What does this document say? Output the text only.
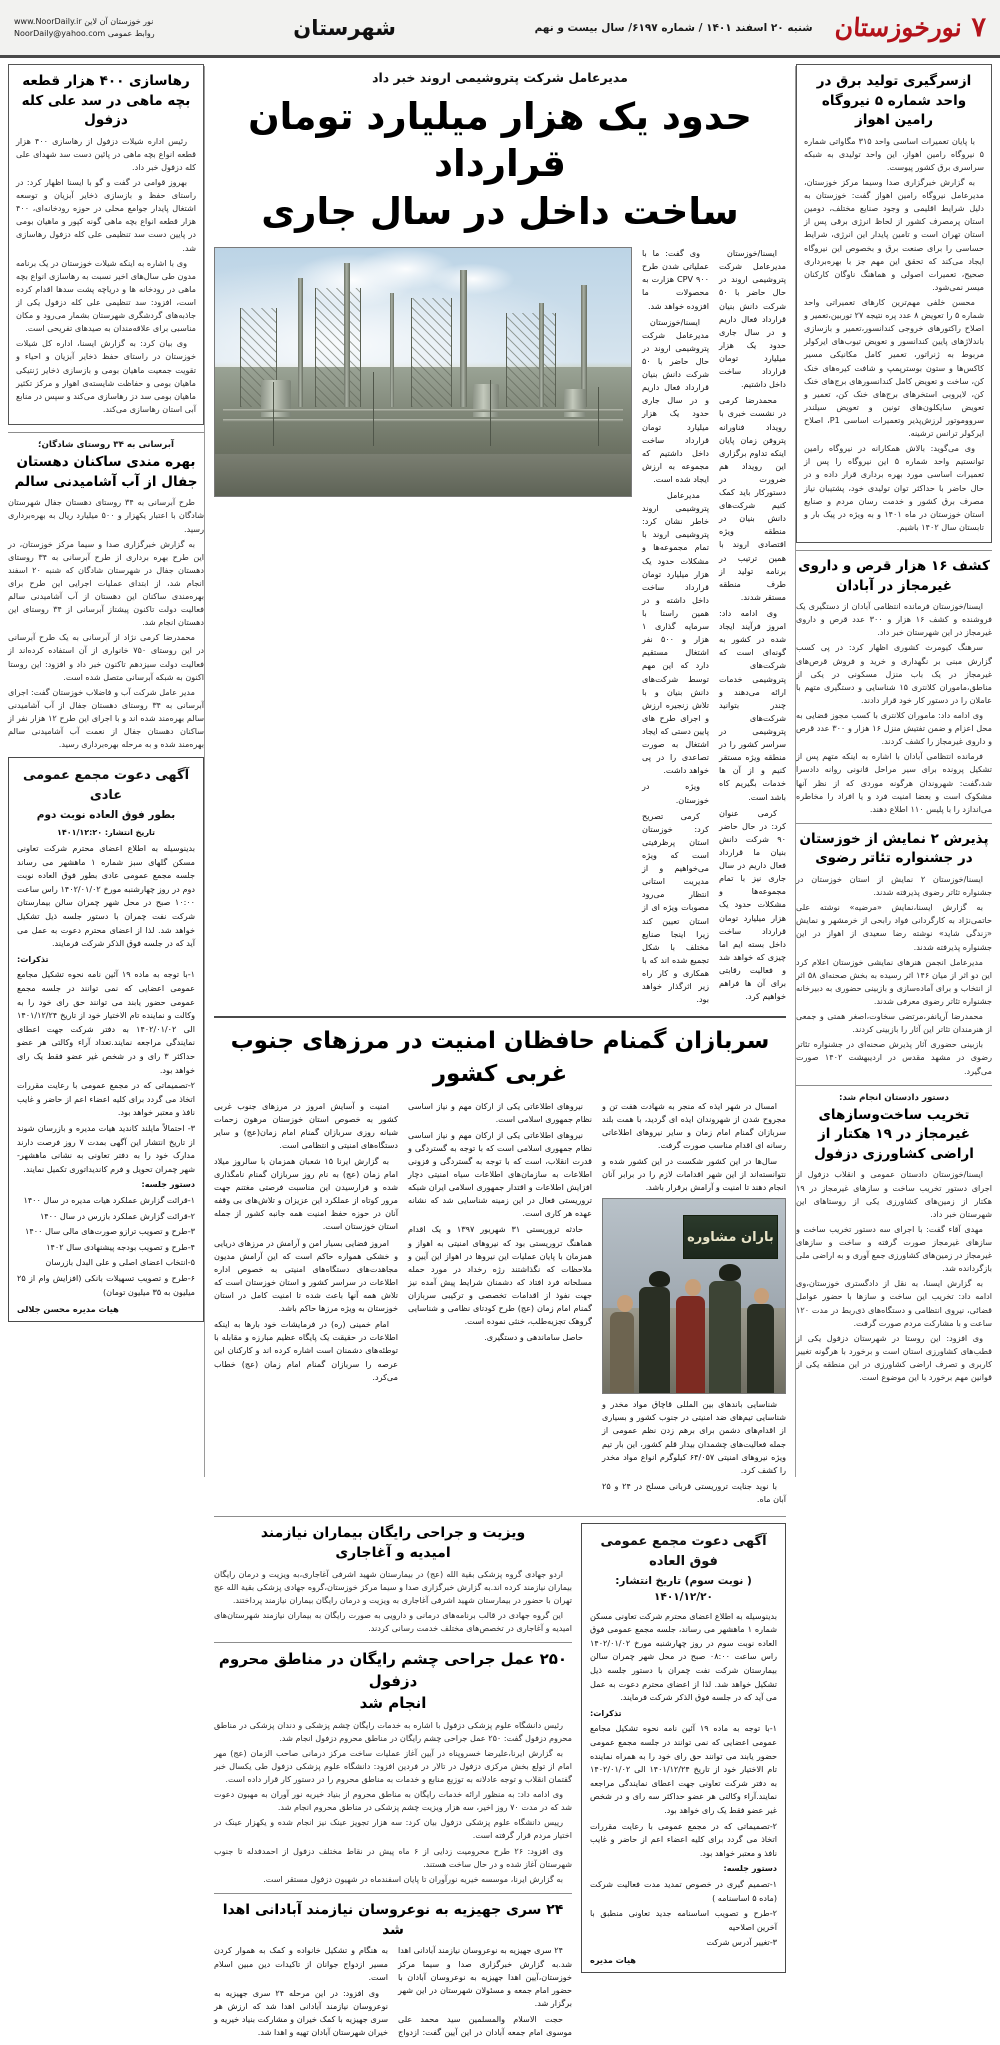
۷
نورخوزستان
شنبه ۲۰ اسفند ۱۴۰۱ / شماره ۶۱۹۷/ سال بیست و نهم
شهرستان
www.NoorDaily.ir نور خوزستان آن لاین
NoorDaily@yahoo.com روابط عمومی
ازسرگیری تولید برق در واحد شماره ۵ نیروگاه رامین اهواز

با پایان تعمیرات اساسی واحد ۳۱۵ مگاواتی شماره ۵ نیروگاه رامین اهواز، این واحد تولیدی به شبکه سراسری برق کشور پیوست.

به گزارش خبرگزاری صدا وسیما مرکز خوزستان، مدیرعامل نیروگاه رامین اهواز گفت: خوزستان به دلیل شرایط اقلیمی و وجود صنایع مختلف، دومین استان پرمصرف کشور از لحاظ انرژی برقی پس از استان تهران است و تامین پایدار این انرژی، شرایط حساسی را برای صنعت برق و بخصوص این نیروگاه ایجاد می‌کند که تحقق این مهم جز با بهره‌برداری صحیح، تعمیرات اصولی و هماهنگ ناوگان کارکنان میسر نمی‌شود.

محسن خلفی مهم‌ترین کارهای تعمیراتی واحد شماره ۵ را تعویض ۸ عدد پره نتیجه ۲۷ توربین،تعمیر و اصلاح راکتورهای خروجی کندانسور،تعمیر و بازسازی باندلاژهای پایین کندانسور و تعویض تیوب‌های ایرکولر مربوط به ژنراتور، تعمیر کامل مکانیکی مسیر کاکس‌ها و ستون بوسترپمپ و شافت کیره‌های خنک کن، ساخت و تعویض کامل کندانسورهای برج‌های خنک کن، لایروبی استخرهای برج‌های خنک کن، تعمیر و تعویض سایکلون‌های تونین و تعویض سیلندر سرووموتور لرزش‌پذیر وتعمیرات اساسی P1، اصلاح ایرکولر ترانس ترشینه.

وی می‌گوید: بالاش همکارانه در نیروگاه رامین توانستیم واحد شماره ۵ این نیروگاه را پس از تعمیرات اساسی مورد بهره برداری قرار داده و در حال حاضر با حداکثر توان تولیدی خود، پشتیبان نیاز مصرف برق کشور و خدمت رسان مردم و صنایع استان خوزستان در ماه ۱۴۰۱ و به ویژه در پیک بار و تابستان سال ۱۴۰۲ باشیم.

کشف ۱۶ هزار قرص و داروی غیرمجاز در آبادان

ایسنا/خوزستان فرمانده انتظامی آبادان از دستگیری یک فروشنده و کشف ۱۶ هزار و ۳۰۰ عدد قرص و داروی غیرمجاز در این شهرستان خبر داد.

سرهنگ کیومرث کشوری اظهار کرد: در پی کسب گزارش مبنی بر نگهداری و خرید و فروش قرص‌های غیرمجاز در یک باب منزل مسکونی در یکی از مناطق،ماموران کلانتری ۱۵ شناسایی و دستگیری متهم با عاملان را در دستور کار خود قرار دادند.

وی ادامه داد: ماموران کلانتری با کسب مجوز قضایی به محل اعزام و ضمن تفتیش منزل ۱۶ هزار و ۳۰۰ عدد قرص و داروی غیرمجاز را کشف کردند.

فرمانده انتظامی آبادان با اشاره به اینکه متهم پس از تشکیل پرونده برای سیر مراحل قانونی روانه دادسرا شد،گفت: شهروندان هرگونه موردی که از نظر آنها مشکوک است و بعضا امنیت فرد و یا افراد را مخاطره می‌اندازد را با پلیس ۱۱۰ اطلاع دهند.

پذیرش ۲ نمایش از خوزستان در جشنواره تئاتر رضوی

ایسنا/خوزستان ۲ نمایش از استان خوزستان در جشنواره تئاتر رضوی پذیرفته شدند.

به گزارش ایسنا،نمایش «مرضیه» نوشته علی حاتمی‌نژاد به کارگردانی فواد رابحی از خرمشهر و نمایش «زندگی شاید» نوشته رضا سعیدی از اهواز در این جشنواره پذیرفته شدند.

مدیرعامل انجمن هنرهای نمایشی خوزستان اعلام کرد این دو اثر از میان ۱۴۶ اثر رسیده به بخش صحنه‌ای ۵۸ اثر از انتخاب و برای آماده‌سازی و بازبینی حضوری به دبیرخانه جشنواره تئاتر رضوی معرفی شدند.

محمدرضا آریانفر،مرتضی سخاوت،اصغر همتی و جمعی از هنرمندان تئاتر این آثار را بازبینی کردند.

بازبینی حضوری آثار پذیرش صحنه‌ای در جشنواره تئاتر رضوی در مشهد مقدس در اردیبهشت ۱۴۰۲ صورت می‌گیرد.

دستور دادستان انجام شد:
تخریب ساخت‌وسازهای غیرمجاز در ۱۹ هکتار از اراضی کشاورزی دزفول

ایسنا/خوزستان دادستان عمومی و انقلاب دزفول از اجرای دستور تخریب ساخت و سازهای غیرمجاز در ۱۹ هکتار از زمین‌های کشاورزی یکی از روستاهای این شهرستان خبر داد.

مهدی آقاء گفت: با اجرای سه دستور تخریب ساخت و سازهای غیرمجاز صورت گرفته و ساخت و سازهای غیرمجاز در زمین‌های کشاورزی جمع آوری و به اراضی ملی بازگردانده شد.

به گزارش ایسنا، به نقل از دادگستری خوزستان،وی ادامه داد: تخریب این ساخت و سازها با حضور عوامل قضائی، نیروی انتظامی و دستگاه‌های ذی‌ربط در مدت ۱۲۰ ساعت و با مشارکت مردم صورت گرفت.

وی افزود: این روستا در شهرستان دزفول یکی از قطب‌های کشاورزی استان است و برخورد با هرگونه تغییر کاربری و تصرف اراضی کشاورزی در این منطقه یکی از قوانین مهم برخورد با این موضوع است.

مدیرعامل شرکت پتروشیمی اروند خبر داد
حدود یک هزار میلیارد تومان قرارداد
ساخت داخل در سال جاری

ایسنا/خوزستان مدیرعامل شرکت پتروشیمی اروند در حال حاضر با ۵۰ شرکت دانش بنیان قرارداد فعال داریم و در سال جاری حدود یک هزار میلیارد تومان قرارداد ساخت داخل داشتیم.

محمدرضا کرمی در نشست خبری با رویداد فناورانه پتروفن زمان پایان اینکه تداوم برگزاری این رویداد هم ضرورت در دستورکار باید کمک کنیم شرکت‌های دانش بنیان در منطقه ویژه اقتصادی اروند با همین ترتیب در برنامه تولید از طرف منطقه مستقر شدند.

وی ادامه داد: امروز فرآیند ایجاد شده در کشور به گونه‌ای است که شرکت‌های پتروشیمی خدمات ارائه می‌دهند و چندر بتوانید شرکت‌های پتروشیمی در سراسر کشور را در منطقه ویژه مستقر کنیم و از آن ها خدمات بگیریم کاه باشد است.

کرمی عنوان کرد: در حال حاضر ۹۰ شرکت دانش بنیان ما قرارداد فعال داریم در سال جاری نیز با تمام مجموعه‌ها و مشکلات حدود یک هزار میلیارد تومان قرارداد ساخت داخل بسته ایم اما چیزی که خواهد شد و فعالیت رقابتی برای آن ها فراهم خواهیم کرد.

وی گفت: ما با عملیاتی شدن طرح CPV ۹۰۰ هزارت به محصولات ما افزوده خواهد شد.

ایسنا/خوزستان مدیرعامل شرکت پتروشیمی اروند در حال حاضر با ۵۰ شرکت دانش بنیان قرارداد فعال داریم و در سال جاری حدود یک هزار میلیارد تومان قرارداد ساخت داخل داشتیم که مجموعه به ارزش ایجاد شده است.

مدیرعامل پتروشیمی اروند خاطر نشان کرد: پتروشیمی اروند با تمام مجموعه‌ها و مشکلات حدود یک هزار میلیارد تومان قرارداد ساخت داخل داشته و در همین راستا با سرمایه گذاری ۱ هزار و ۵۰۰ نفر اشتغال مستقیم دارد که این مهم توسط شرکت‌های دانش بنیان و با تلاش زنجیره ارزش و اجرای طرح های پایین دستی که ایجاد اشتغال به صورت تصاعدی را در پی خواهد داشت.

ویژه در خوزستان.

کرمی تصریح کرد: خوزستان استان پرظرفیتی است که ویژه می‌خواهیم و از مدیریت استانی انتظار می‌رود مصوبات ویژه ای از استان تعیین کند زیرا اینجا صنایع مختلف با شکل تجمیع شده اند که با همکاری و کار راه زیر اثرگذار خواهد بود.

سربازان گمنام حافظان امنیت در مرزهای جنوب غربی کشور

امسال در شهر ایذه که منجر به شهادت هفت تن و مجروح شدن از شهروندان ایذه ای گردید، با همت بلند سربازان گمنام امام زمان و سایر نیروهای اطلاعاتی رسانه ای اقدام مناسب صورت گرفت.

سال‌ها در این کشور شکست در این کشور شده و نتوانسته‌اند از این شهر اقدامات لازم را در برابر آنان انجام دهند تا امنیت و آرامش برقرار باشد.

باران مشاوره

شناسایی باندهای بین المللی قاچاق مواد مخدر و شناسایی تیم‌های ضد امنیتی در جنوب کشور و بسیاری از اقدام‌های دشمن برای برهم زدن نظم عمومی از جمله فعالیت‌های چشمدان بیدار قلم کشور، این بار تیم ویژه نیروهای امنیتی ۶۴/۰۵۷ کیلوگرم انواع مواد مخدر را کشف کرد.

با نوید جنایت تروریستی قربانی مسلح در ۲۴ و ۲۵ آبان ماه.

نیروهای اطلاعاتی یکی از ارکان مهم و نیاز اساسی نظام جمهوری اسلامی است.

نیروهای اطلاعاتی یکی از ارکان مهم و نیاز اساسی نظام جمهوری اسلامی است که با توجه به گستردگی و قدرت انقلاب، است که با توجه به گستردگی و فزونی اطلاعات به سازمان‌های اطلاعات سیاه امنیتی دچار افزایش اطلاعات و اقتدار جمهوری اسلامی ایران شبکه تروریستی فعال در این زمینه شناسایی شد که نشانه عهده هر کاری است.

حادثه تروریستی ۳۱ شهریور ۱۳۹۷ و یک اقدام هماهنگ تروریستی بود که نیروهای امنیتی به اهواز و همزمان با پایان عملیات این نیروها در اهواز این آیین و ملاحظات که نگذاشتند رژه رخداد در مورد حمله مسلحانه فرد افتاد که دشمنان شرایط پیش آمده نیز جهت نفوذ از اقدامات تخصصی و ترکیبی سربازان گمنام امام زمان (عج) طرح کودتای نظامی و شناسایی گروهک تجزیه‌طلب، خنثی نموده است.

حاصل ساماندهی و دستگیری.

امنیت و آسایش امروز در مرزهای جنوب غربی کشور به خصوص استان خوزستان مرهون زحمات شبانه روزی سربازان گمنام امام زمان(عج) و سایر دستگاه‌های امنیتی و انتظامی است.

به گزارش ایرنا ۱۵ شعبان همزمان با سالروز میلاد امام زمان (عج) به نام روز سربازان گمنام نامگذاری شده و فرارسیدن این مناسبت فرصتی مغتنم جهت مرور کوتاه از عملکرد این عزیزان و تلاش‌های بی وقفه آنان در حوزه حفظ امنیت همه جانبه کشور از جمله استان خوزستان است.

امروز فضایی بسیار امن و آرامش در مرزهای دریایی و خشکی همواره حاکم است که این آرامش مدیون مجاهدت‌های دستگاه‌های امنیتی به خصوص اداره اطلاعات در سراسر کشور و استان خوزستان است که تلاش همه آنها باعث شده تا امنیت کامل در استان خوزستان به ویژه مرزها حاکم باشد.

امام خمینی (ره) در فرمایشات خود بارها به اینکه اطلاعات در حقیقت یک پایگاه عظیم مبارزه و مقابله با توطئه‌های دشمنان است اشاره کرده اند و کارکنان این عرصه را سربازان گمنام امام زمان (عج) خطاب می‌کرد.

آگهی دعوت مجمع عمومی فوق العاده
( نوبت سوم) تاریخ انتشار: ۱۴۰۱/۱۲/۲۰

بدینوسیله به اطلاع اعضای محترم شرکت تعاونی مسکن شماره ۱ ماهشهر می رساند، جلسه مجمع عمومی فوق العاده نوبت سوم در روز چهارشنبه مورخ ۱۴۰۲/۰۱/۰۲ راس ساعت ۰۸:۰۰ صبح در محل شهر چمران سالن بیمارستان شرکت نفت چمران با دستور جلسه ذیل تشکیل خواهد شد. لذا از اعضای محترم دعوت به عمل می آید که در جلسه فوق الذکر شرکت فرمایند.

تذکرات:

۱-با توجه به ماده ۱۹ آئین نامه نحوه تشکیل مجامع عمومی اعضایی که نمی توانند در جلسه مجمع عمومی حضور یابند می توانند حق رای خود را به همراه نماینده تام الاختیار خود از تاریخ ۱۴۰۱/۱۲/۲۴ الی ۱۴۰۲/۰۱/۰۲ به دفتر شرکت تعاونی جهت اعطای نمایندگی مراجعه نمایند.آراء وکالتی هر عضو حداکثر سه رای و در شخص غیر عضو فقط یک رای خواهد بود.

۲-تصمیماتی که در مجمع عمومی با رعایت مقررات اتخاذ می گردد برای کلیه اعضاء اعم از حاضر و غایب نافذ و معتبر خواهد بود.

دستور جلسه:

۱-تصمیم گیری در خصوص تمدید مدت فعالیت شرکت (ماده ۵ اساسنامه )

۲-طرح و تصویب اساسنامه جدید تعاونی منطبق با آخرین اصلاحیه

۳-تغییر آدرس شرکت

هیات مدیره
ویزیت و جراحی رایگان بیماران نیازمند
امیدیه و آغاجاری

اردو جهادی گروه پزشکی بقیة الله (عج) در بیمارستان شهید اشرفی آغاجاری،به ویزیت و درمان رایگان بیماران نیازمند کرده اند.به گزارش خبرگزاری صدا و سیما مرکز خوزستان،گروه جهادی پزشکی بقیة الله عج تهران با حضور در بیمارستان شهید اشرفی آغاجاری به ویزیت و درمان رایگان بیماران نیازمند پرداختند.

این گروه جهادی در قالب برنامه‌های درمانی و دارویی به صورت رایگان به بیماران نیازمند شهرستان‌های امیدیه و آغاجاری در تخصص‌های مختلف خدمت رسانی کردند.

۲۵۰ عمل جراحی چشم رایگان در مناطق محروم دزفول
انجام شد

رئیس دانشگاه علوم پزشکی دزفول با اشاره به خدمات رایگان چشم پزشکی و دندان پزشکی در مناطق محروم دزفول گفت: ۲۵۰ عمل جراحی چشم رایگان در مناطق محروم دزفول انجام شد.

به گزارش ایرنا،علیرضا خسروپناه در آیین آغاز عملیات ساخت مرکز درمانی صاحب الزمان (عج) مهر امام از تولع بخش مرکزی دزفول در تالار در فردین افزود: دانشگاه علوم پزشکی دزفول طی یکسال خبر گفتمان انقلاب و توجه عادلانه به توزیع منابع و خدمات به مناطق محروم را در دستور کار قرار داده است.

وی ادامه داد: به منظور ارائه خدمات رایگان به مناطق محروم از بنیاد خیریه نور آوران به مهبون دعوت شد که در مدت ۷۰ روز اخیر، سه هزار ویزیت چشم پزشکی در مناطق محروم انجام شد.

رییس دانشگاه علوم پزشکی دزفول بیان کرد: سه هزار تجویز عینک نیز انجام شده و یکهزار عینک در اختیار مردم قرار گرفته است.

وی افزود: ۲۶ طرح محرومیت زدایی از ۶ ماه پیش در نقاط مختلف دزفول از احمدفدله تا جنوب شهرستان آغاز شده و در حال ساخت هستند.

به گزارش ایرنا، موسسه خیریه نورآوران تا پایان اسفندماه در شهیون دزفول مستقر است.

۲۴ سری جهیزیه به نوعروسان نیازمند آبادانی اهدا شد

۲۴ سری جهیزیه به نوعروسان نیازمند آبادانی اهدا شد.به گزارش خبرگزاری صدا و سیما مرکز خوزستان،آیین اهدا جهیزیه به نوعروسان آبادان با حضور امام جمعه و مسئولان شهرستان در این شهر برگزار شد.

حجت الاسلام والمسلمین سید محمد علی موسوی امام جمعه آبادان در این آیین گفت: ازدواج به هنگام و تشکیل خانواده و کمک به هموار کردن مسیر ازدواج جوانان از تاکیدات دین مبین اسلام است.

وی افزود: در این مرحله ۲۴ سری جهیزیه به نوعروسان نیازمند آبادانی اهدا شد که ارزش هر سری جهیزیه با کمک خیران و مشارکت بنیاد خیریه و خیران شهرستان آبادان تهیه و اهدا شد.

رهاسازی ۴۰۰ هزار قطعه بچه ماهی در سد علی کله دزفول

رئیس اداره شیلات دزفول از رهاسازی ۴۰۰ هزار قطعه انواع بچه ماهی در پائین دست سد شهدای علی کله دزفول خبر داد.

بهروز قوامی در گفت و گو با ایسنا اظهار کرد: در راستای حفظ و بازسازی ذخایر آبزیان و توسعه اشتغال پایدار جوامع محلی در حوزه رودخانه‌ای، ۴۰۰ هزار قطعه انواع بچه ماهی گونه کپور و ماهیان بومی در پایین دست سد تنظیمی علی کله دزفول رهاسازی شد.

وی با اشاره به اینکه شیلات خوزستان در یک برنامه مدون طی سال‌های اخیر نسبت به رهاسازی انواع بچه ماهی در رودخانه ها و دریاچه پشت سدها اقدام کرده است، افزود: سد تنظیمی علی کله دزفول یکی از جاذبه‌های گردشگری شهرستان بشمار می‌رود و مکان مناسبی برای علاقه‌مندان به صیدهای تفریحی است.

وی بیان کرد: به گزارش ایسنا، اداره کل شیلات خوزستان در راستای حفظ ذخایر آبزیان و احیاء و تقویت جمعیت ماهیان بومی و بازسازی ذخایر ژنتیکی ماهیان بومی و حفاظت شایسته‌ی اهوار و مرکز تکثیر ماهیان بومی سد دز رهاسازی می‌کند و سپس در منابع آبی استان رهاسازی می‌کند.

آبرسانی به ۳۴ روستای شادگان؛
بهره مندی ساکنان دهستان جفال از آب آشامیدنی سالم

طرح آبرسانی به ۳۴ روستای دهستان جفال شهرستان شادگان با اعتبار یکهزار و ۵۰۰ میلیارد ریال به بهره‌برداری رسید.

به گزارش خبرگزاری صدا و سیما مرکز خوزستان، در این طرح بهره برداری از طرح آبرسانی به ۳۴ روستای دهستان جفال در شهرستان شادگان که شنبه ۲۰ اسفند انجام شد، از ابتدای عملیات اجرایی این طرح برای بهره‌مندی ساکنان این دهستان از آب آشامیدنی سالم فعالیت دولت تاکنون پیشتاز آبرسانی از ۳۴ روستای این دهستان انجام شد.

محمدرضا کرمی نژاد از آبرسانی به یک طرح آبرسانی در این روستای ۷۵۰ خانواری از آن استفاده کرده‌اند از فعالیت دولت سیزدهم تاکنون خبر داد و افزود: این روستا اکنون به شبکه آبرسانی متصل شده است.

مدیر عامل شرکت آب و فاضلاب خوزستان گفت: اجرای آبرسانی به ۳۴ روستای دهستان جفال از آب آشامیدنی سالم بهره‌مند شده اند و با اجرای این طرح ۱۲ هزار نفر از ساکنان دهستان جفال از نعمت آب آشامیدنی سالم بهره‌مند شده و به مرحله بهره‌برداری رسید.

آگهی دعوت مجمع عمومی عادی
بطور فوق العاده نوبت دوم
تاریخ انتشار: ۱۴۰۱/۱۲:۲۰

بدینوسیله به اطلاع اعضای محترم شرکت تعاونی مسکن گلهای سبز شماره ۱ ماهشهر می رساند جلسه مجمع عمومی عادی بطور فوق العاده نوبت دوم در روز چهارشنبه مورخ ۱۴۰۲/۰۱/۰۲ راس ساعت ۱۰:۰۰ صبح در محل شهر چمران سالن بیمارستان شرکت نفت چمران با دستور جلسه ذیل تشکیل خواهد شد. لذا از اعضای محترم دعوت به عمل می آید که در جلسه فوق الذکر شرکت فرمایند.

تذکرات:

۱-با توجه به ماده ۱۹ آئین نامه نحوه تشکیل مجامع عمومی اعضایی که نمی توانند در جلسه مجمع عمومی حضور یابند می توانند حق رای خود را به وکالت و نماینده تام الاختیار خود از تاریخ ۱۴۰۱/۱۲/۲۴ الی ۱۴۰۲/۰۱/۰۲ به دفتر شرکت جهت اعطای نمایندگی مراجعه نمایند.تعداد آراء وکالتی هر عضو حداکثر ۳ رای و در شخص غیر عضو فقط یک رای خواهد بود.

۲-تصمیماتی که در مجمع عمومی با رعایت مقررات اتخاذ می گردد برای کلیه اعضاء اعم از حاضر و غایب نافذ و معتبر خواهد بود.

۳- احتمالاً مایلند کاندید هیات مدیره و بازرسان شوند از تاریخ انتشار این آگهی بمدت ۷ روز فرصت دارند مدارک خود را به دفتر تعاونی به نشانی ماهشهر- شهر چمران تحویل و فرم کاندیداتوری تکمیل نمایند.

دستور جلسه:

۱-قرائت گزارش عملکرد هیات مدیره در سال ۱۴۰۰

۲-قرائت گزارش عملکرد بازرس در سال ۱۴۰۰

۳-طرح و تصویب ترازو صورت‌های مالی سال ۱۴۰۰

۴-طرح و تصویب بودجه پیشنهادی سال ۱۴۰۲

۵-انتخاب اعضای اصلی و علی البدل بازرسان

۶-طرح و تصویب تسهیلات بانکی (افزایش وام از ۲۵ میلیون به ۳۵ میلیون تومان)

هیات مدیره محسن جلالی
